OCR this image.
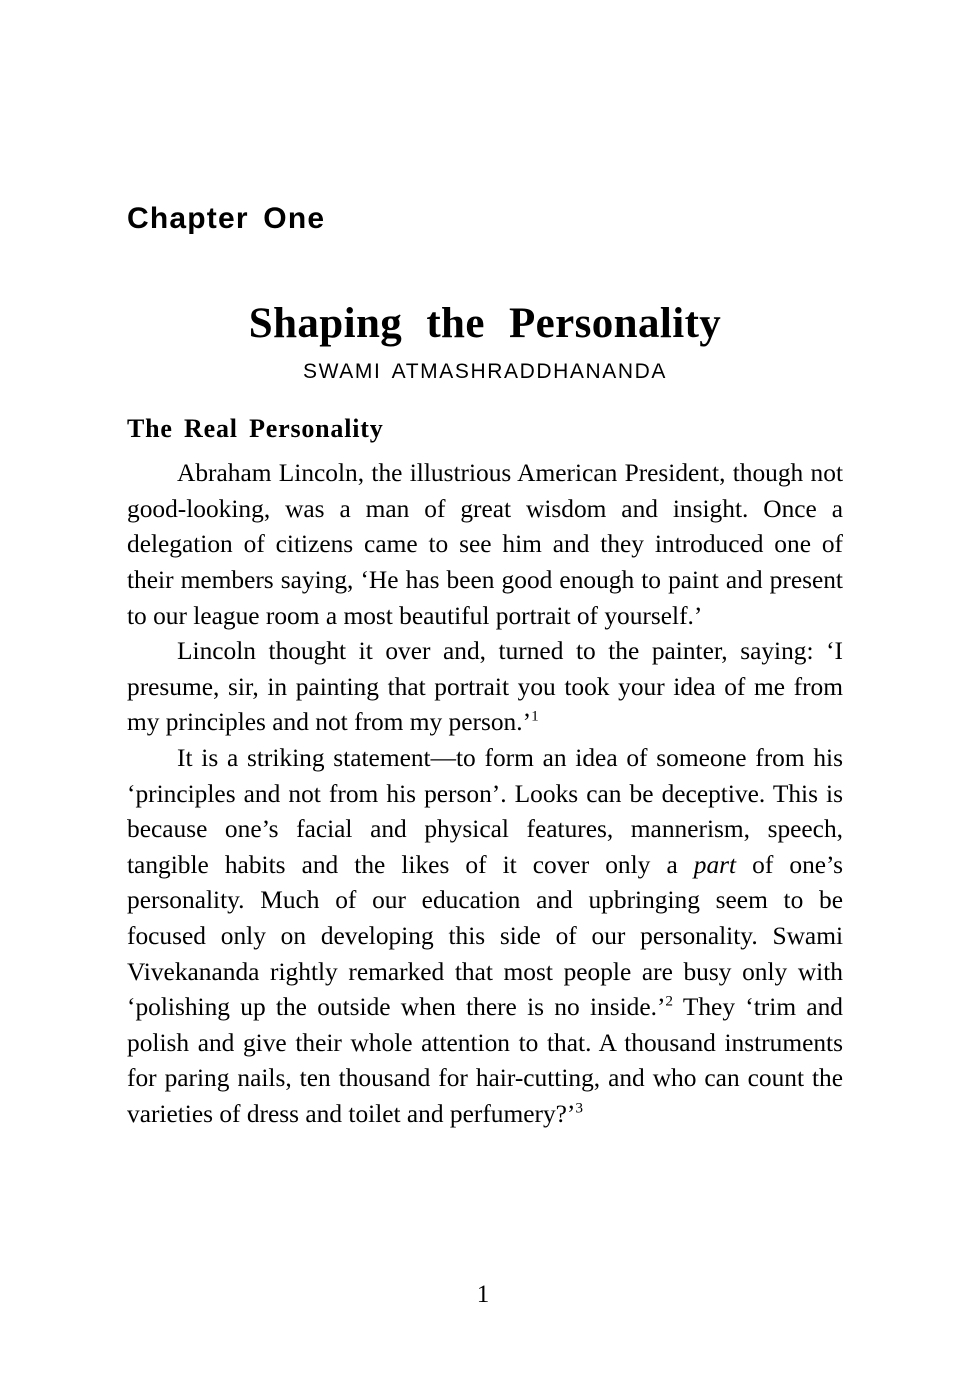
Chapter One
Shaping the Personality

SWAMI ATMASHRADDHANANDA

The Real Personality

Abraham Lincoln, the illustrious American President, though not good-looking, was a man of great wisdom and insight. Once a delegation of citizens came to see him and they introduced one of their members saying, ‘He has been good enough to paint and present to our league room a most beautiful portrait of yourself.’

Lincoln thought it over and, turned to the painter, saying: ‘I presume, sir, in painting that portrait you took your idea of me from my principles and not from my person.’$^1$

It is a striking statement—to form an idea of someone from his ‘principles and not from his person’. Looks can be deceptive. This is because one’s facial and physical features, mannerism, speech, tangible habits and the likes of it cover only a part of one’s personality. Much of our education and upbringing seem to be focused only on developing this side of our personality. Swami Vivekananda rightly remarked that most people are busy only with ‘polishing up the outside when there is no inside.’$^2$ They ‘trim and polish and give their whole attention to that. A thousand instruments for paring nails, ten thousand for hair-cutting, and who can count the varieties of dress and toilet and perfumery?’$^3$

1
